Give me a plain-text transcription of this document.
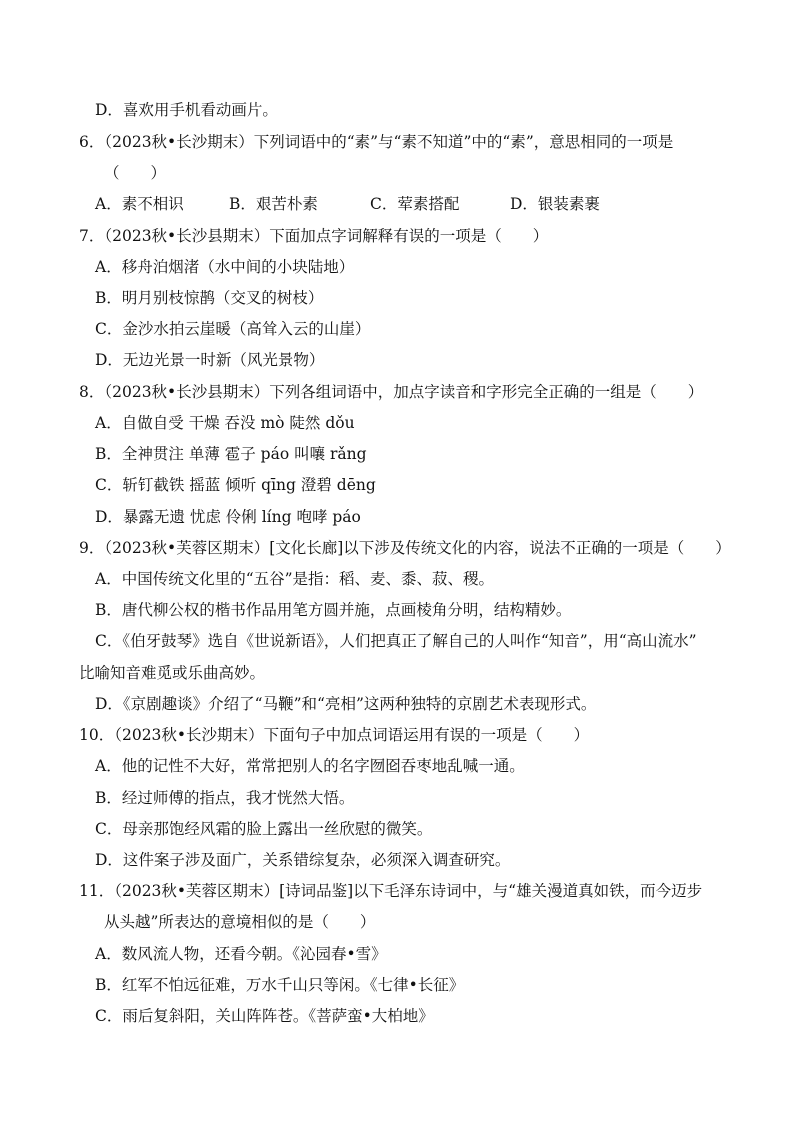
D．喜欢用手机看动画片。
6．（2023秋•长沙期末）下列词语中的“素”与“素不知道”中的“素”，意思相同的一项是
（　　）
A．素不相识	B．艰苦朴素	C．荤素搭配	D．银装素裹
7．（2023秋•长沙县期末）下面加点字词解释有误的一项是（　　）
A．移舟泊烟渚（水中间的小块陆地）
B．明月别枝惊鹊（交叉的树枝）
C．金沙水拍云崖暖（高耸入云的山崖）
D．无边光景一时新（风光景物）
8．（2023秋•长沙县期末）下列各组词语中，加点字读音和字形完全正确的一组是（　　）
A．自做自受 干燥 吞没 mò 陡然 dǒu
B．全神贯注 单薄 雹子 páo 叫嚷 rǎng
C．斩钉截铁 摇蓝 倾听 qīng 澄碧 dēng
D．暴露无遗 忧虑 伶俐 líng 咆哮 páo
9．（2023秋•芙蓉区期末）[文化长廊]以下涉及传统文化的内容，说法不正确的一项是（　　）
A．中国传统文化里的“五谷”是指：稻、麦、黍、菽、稷。
B．唐代柳公权的楷书作品用笔方圆并施，点画棱角分明，结构精妙。
C．《伯牙鼓琴》选自《世说新语》，人们把真正了解自己的人叫作“知音”，用“高山流水”
比喻知音难觅或乐曲高妙。
D．《京剧趣谈》介绍了“马鞭”和“亮相”这两种独特的京剧艺术表现形式。
10．（2023秋•长沙期末）下面句子中加点词语运用有误的一项是（　　）
A．他的记性不大好，常常把别人的名字囫囵吞枣地乱喊一通。
B．经过师傅的指点，我才恍然大悟。
C．母亲那饱经风霜的脸上露出一丝欣慰的微笑。
D．这件案子涉及面广，关系错综复杂，必须深入调查研究。
11．（2023秋•芙蓉区期末）[诗词品鉴]以下毛泽东诗词中，与“雄关漫道真如铁，而今迈步
从头越”所表达的意境相似的是（　　）
A．数风流人物，还看今朝。《沁园春•雪》
B．红军不怕远征难，万水千山只等闲。《七律•长征》
C．雨后复斜阳，关山阵阵苍。《菩萨蛮•大柏地》
